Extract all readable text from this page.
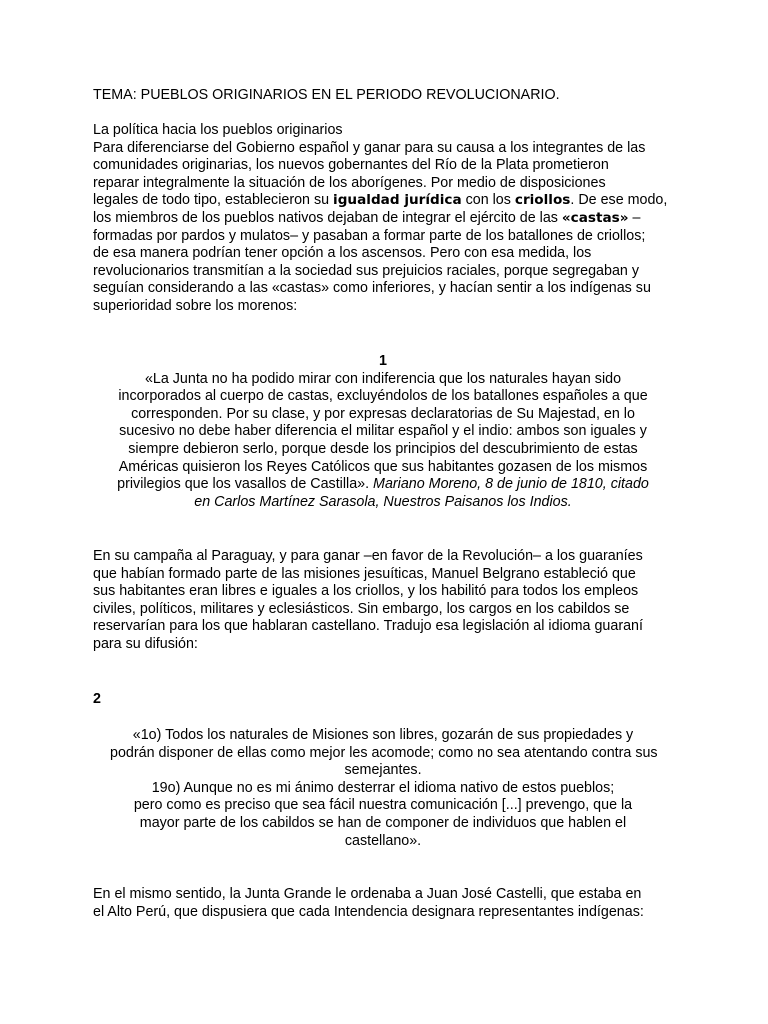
TEMA: PUEBLOS ORIGINARIOS EN EL PERIODO REVOLUCIONARIO.

La política hacia los pueblos originarios
Para diferenciarse del Gobierno español y ganar para su causa a los integrantes de las
comunidades originarias, los nuevos gobernantes del Río de la Plata prometieron
reparar integralmente la situación de los aborígenes. Por medio de disposiciones
legales de todo tipo, establecieron su igualdad jurídica con los criollos. De ese modo,
los miembros de los pueblos nativos dejaban de integrar el ejército de las «castas» –
formadas por pardos y mulatos– y pasaban a formar parte de los batallones de criollos;
de esa manera podrían tener opción a los ascensos. Pero con esa medida, los
revolucionarios transmitían a la sociedad sus prejuicios raciales, porque segregaban y
seguían considerando a las «castas» como inferiores, y hacían sentir a los indígenas su
superioridad sobre los morenos:

1
«La Junta no ha podido mirar con indiferencia que los naturales hayan sido
incorporados al cuerpo de castas, excluyéndolos de los batallones españoles a que
corresponden. Por su clase, y por expresas declaratorias de Su Majestad, en lo
sucesivo no debe haber diferencia el militar español y el indio: ambos son iguales y
siempre debieron serlo, porque desde los principios del descubrimiento de estas
Américas quisieron los Reyes Católicos que sus habitantes gozasen de los mismos
privilegios que los vasallos de Castilla». Mariano Moreno, 8 de junio de 1810, citado
en Carlos Martínez Sarasola, Nuestros Paisanos los Indios.

En su campaña al Paraguay, y para ganar –en favor de la Revolución– a los guaraníes
que habían formado parte de las misiones jesuíticas, Manuel Belgrano estableció que
sus habitantes eran libres e iguales a los criollos, y los habilitó para todos los empleos
civiles, políticos, militares y eclesiásticos. Sin embargo, los cargos en los cabildos se
reservarían para los que hablaran castellano. Tradujo esa legislación al idioma guaraní
para su difusión:

2

«1o) Todos los naturales de Misiones son libres, gozarán de sus propiedades y
podrán disponer de ellas como mejor les acomode; como no sea atentando contra sus
semejantes.
19o) Aunque no es mi ánimo desterrar el idioma nativo de estos pueblos;
pero como es preciso que sea fácil nuestra comunicación [...] prevengo, que la
mayor parte de los cabildos se han de componer de individuos que hablen el
castellano».

En el mismo sentido, la Junta Grande le ordenaba a Juan José Castelli, que estaba en
el Alto Perú, que dispusiera que cada Intendencia designara representantes indígenas:
